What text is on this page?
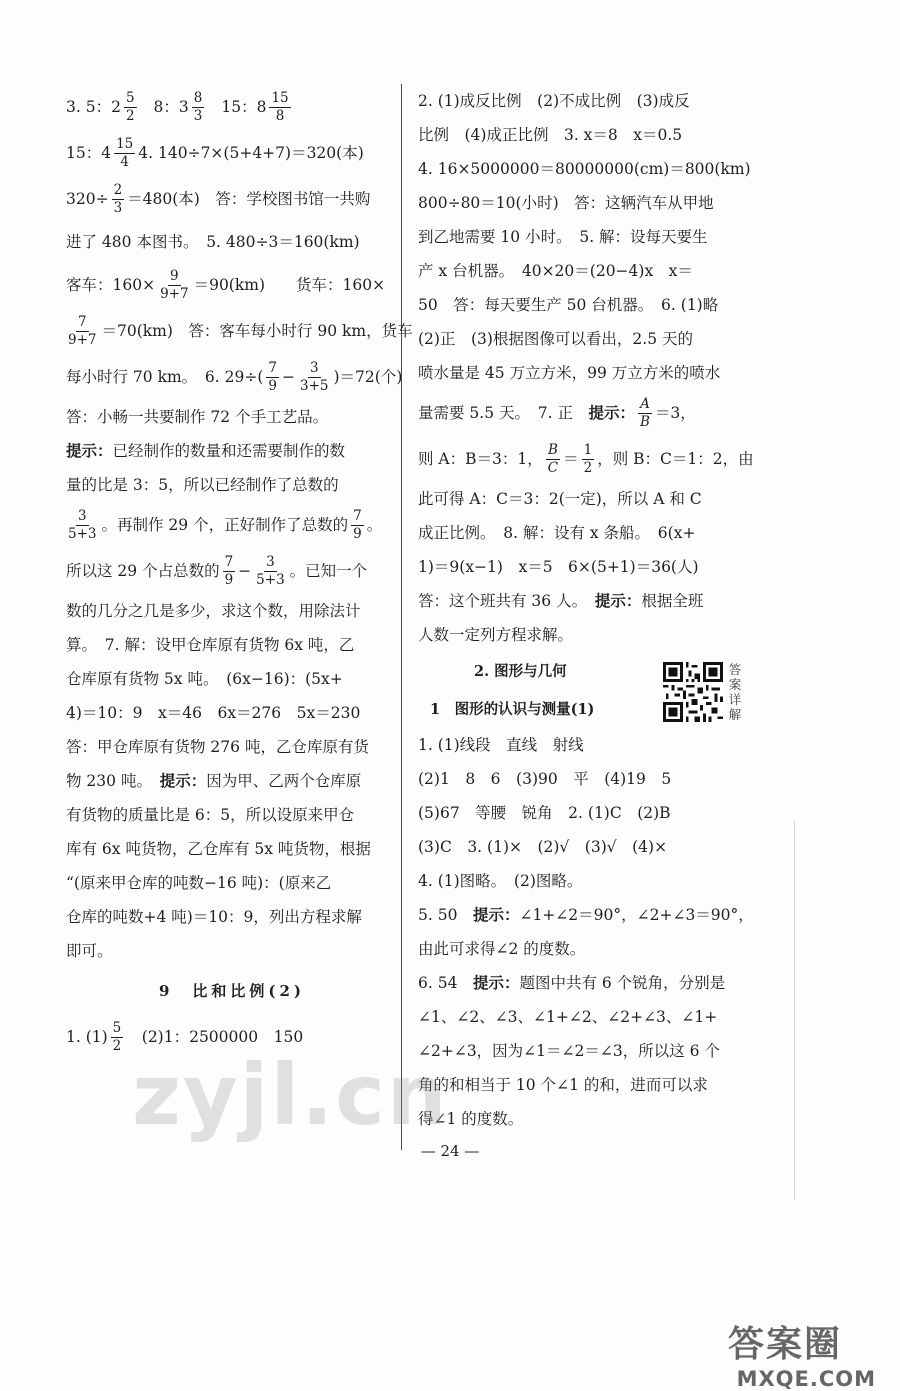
3. 5：$2 \frac{5}{2} 8$：$3 \frac{8}{3} 15$：$8 \frac{15}{8}$
15：$4 \frac{15}{4} 4$. 140÷7×(5+4+7)＝320(本)
$320\div \frac{2}{3} =480$(本)　答：学校图书馆一共购
进了 480 本图书。　5. 480÷3＝160(km)
客车：$160\times \frac{9}{9+7} =90(km)$　　货车：160×
$\frac{7}{9+7} =70(km)$　答：客车每小时行 90 km，货车
每小时行 70 km。　6. $29\div( \frac{7}{9} - \frac{3}{3+5} )=72$(个)
答：小畅一共要制作 72 个手工艺品。
提示： 已经制作的数量和还需要制作的数
量的比是 3：5，所以已经制作了总数的
$\frac{3}{5+3}$ 。再制作 29 个，正好制作了总数的 $\frac{7}{9}$ 。
所以这 29 个占总数的 $\frac{7}{9} - \frac{3}{5+3}$ 。已知一个
数的几分之几是多少，求这个数，用除法计
算。　7. 解：设甲仓库原有货物 6x 吨，乙
仓库原有货物 5x 吨。　(6x−16)：(5x+
4)＝10：9　x＝46　6x＝276　5x＝230
答：甲仓库原有货物 276 吨，乙仓库原有货
物 230 吨。　 提示： 因为甲、乙两个仓库原
有货物的质量比是 6：5，所以设原来甲仓
库有 6x 吨货物，乙仓库有 5x 吨货物，根据
“(原来甲仓库的吨数−16 吨)：(原来乙
仓库的吨数+4 吨)＝10：9，列出方程求解
即可。
9　比和比例(2)
1. $(1) \frac{5}{2}$ 　(2)1：2500000　150
2. (1)成反比例　(2)不成比例　(3)成反
比例　(4)成正比例　3. x＝8　x＝0.5
4. 16×5000000＝80000000(cm)＝800(km)
800÷80＝10(小时)　答：这辆汽车从甲地
到乙地需要 10 小时。　5. 解：设每天要生
产 x 台机器。　40×20＝(20−4)x　x＝
50　答：每天要生产 50 台机器。　6. (1)略
(2)正　(3)根据图像可以看出，2.5 天的
喷水量是 45 万立方米，99 万立方米的喷水
量需要 5.5 天。　7. 正　 提示： $\frac{A}{B} =3$，
则 A：B＝3：1， $\frac{B}{C} = \frac{1}{2}$ ，则 B：C＝1：2，由
此可得 A：C＝3：2(一定)，所以 A 和 C
成正比例。　8. 解：设有 x 条船。　6(x+
1)＝9(x−1)　x＝5　6×(5+1)＝36(人)
答：这个班共有 36 人。　 提示： 根据全班
人数一定列方程求解。
2. 图形与几何
1　图形的认识与测量(1)
1. (1)线段　直线　射线
(2)1　8　6　(3)90　平　(4)19　5
(5)67　等腰　锐角　2. (1)C　(2)B
(3)C　3. (1)×　(2)√　(3)√　(4)×
4. (1)图略。　(2)图略。
5. 50　 提示： ∠1+∠2＝90°，∠2+∠3＝90°，
由此可求得∠2 的度数。
6. 54　 提示： 题图中共有 6 个锐角，分别是
∠1、∠2、∠3、∠1+∠2、∠2+∠3、∠1+
∠2+∠3，因为∠1＝∠2＝∠3，所以这 6 个
角的和相当于 10 个∠1 的和，进而可以求
得∠1 的度数。
答案详解
— 24 —
zyjl.cn
答案圈
MXQE.COM
